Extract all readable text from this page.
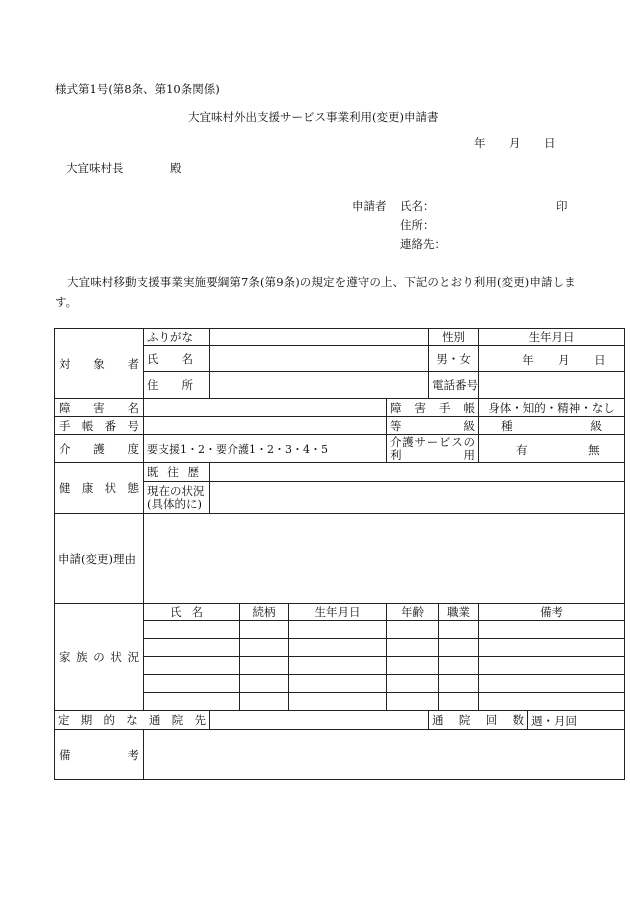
様式第1号(第8条、第10条関係)
大宜味村外出支援サービス事業利用(変更)申請書
年 月 日
大宜味村長	殿
申請者 氏名：	印
住所：
連絡先：
大宜味村移動支援事業実施要綱第7条(第9条)の規定を遵守の上、下記のとおり利用(変更)申請します。
対象者	ふりがな					性別		生年月日	

	氏名					男・女		年 月 日	

	住所					電話番号			

障害名					障害手帳			身体・知的・精神・なし	

手帳番号					等級			種級	

介護度	要支援1・2・要介護1・2・3・4・5				介護サービスの利用			有 無	

健康状態	既往歴								

	現在の状況(具体的に)								
申請(変更)理由									

家族の状況	氏名		続柄	生年月日	年齢		職業	備考	

定期的な通院先						通院回数			週・月回

備考									
